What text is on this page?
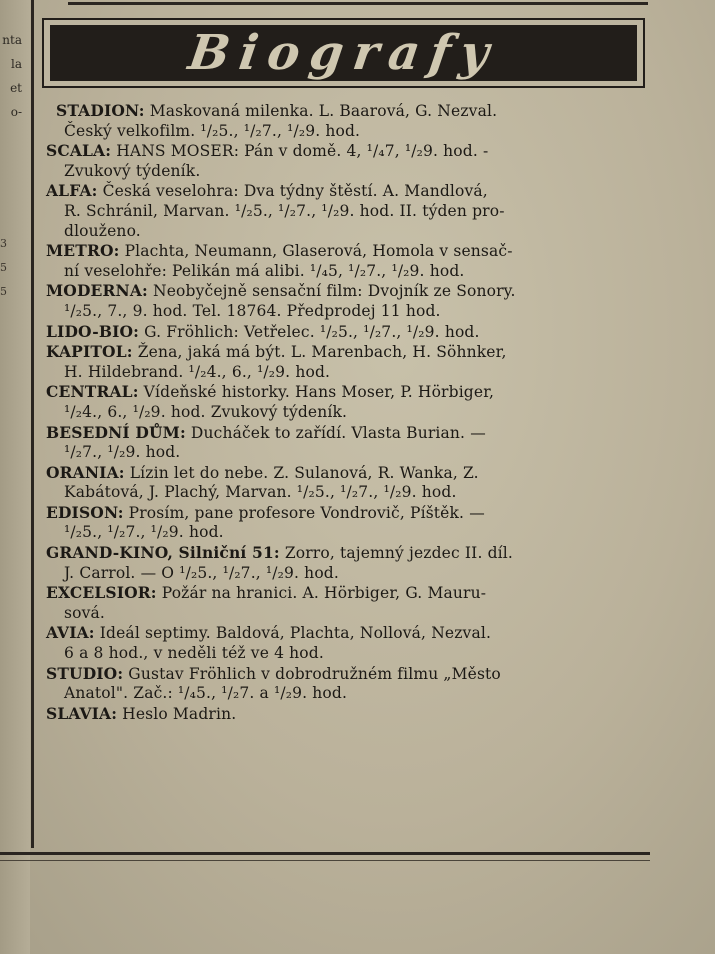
nta
la
et
o-
3
5
5
Biografy
STADION: Maskovaná milenka. L. Baarová, G. Nezval.
Český velkofilm. ¹/₂5., ¹/₂7., ¹/₂9. hod.
SCALA: HANS MOSER: Pán v domě. 4, ¹/₄7, ¹/₂9. hod. -
Zvukový týdeník.
ALFA: Česká veselohra: Dva týdny štěstí. A. Mandlová,
R. Schránil, Marvan. ¹/₂5., ¹/₂7., ¹/₂9. hod. II. týden pro-
dlouženo.
METRO: Plachta, Neumann, Glaserová, Homola v sensač-
ní veselohře: Pelikán má alibi. ¹/₄5, ¹/₂7., ¹/₂9. hod.
MODERNA: Neobyčejně sensační film: Dvojník ze Sonory.
¹/₂5., 7., 9. hod. Tel. 18764. Předprodej 11 hod.
LIDO-BIO: G. Fröhlich: Vetřelec. ¹/₂5., ¹/₂7., ¹/₂9. hod.
KAPITOL: Žena, jaká má být. L. Marenbach, H. Söhnker,
H. Hildebrand. ¹/₂4., 6., ¹/₂9. hod.
CENTRAL: Vídeňské historky. Hans Moser, P. Hörbiger,
¹/₂4., 6., ¹/₂9. hod. Zvukový týdeník.
BESEDNÍ DŮM: Ducháček to zařídí. Vlasta Burian. —
¹/₂7., ¹/₂9. hod.
ORANIA: Lízin let do nebe. Z. Sulanová, R. Wanka, Z.
Kabátová, J. Plachý, Marvan. ¹/₂5., ¹/₂7., ¹/₂9. hod.
EDISON: Prosím, pane profesore Vondrovič, Píštěk. —
¹/₂5., ¹/₂7., ¹/₂9. hod.
GRAND-KINO, Silniční 51: Zorro, tajemný jezdec II. díl.
J. Carrol. — O ¹/₂5., ¹/₂7., ¹/₂9. hod.
EXCELSIOR: Požár na hranici. A. Hörbiger, G. Mauru-
sová.
AVIA: Ideál septimy. Baldová, Plachta, Nollová, Nezval.
6 a 8 hod., v neděli též ve 4 hod.
STUDIO: Gustav Fröhlich v dobrodružném filmu „Město
Anatol". Zač.: ¹/₄5., ¹/₂7. a ¹/₂9. hod.
SLAVIA: Heslo Madrin.
